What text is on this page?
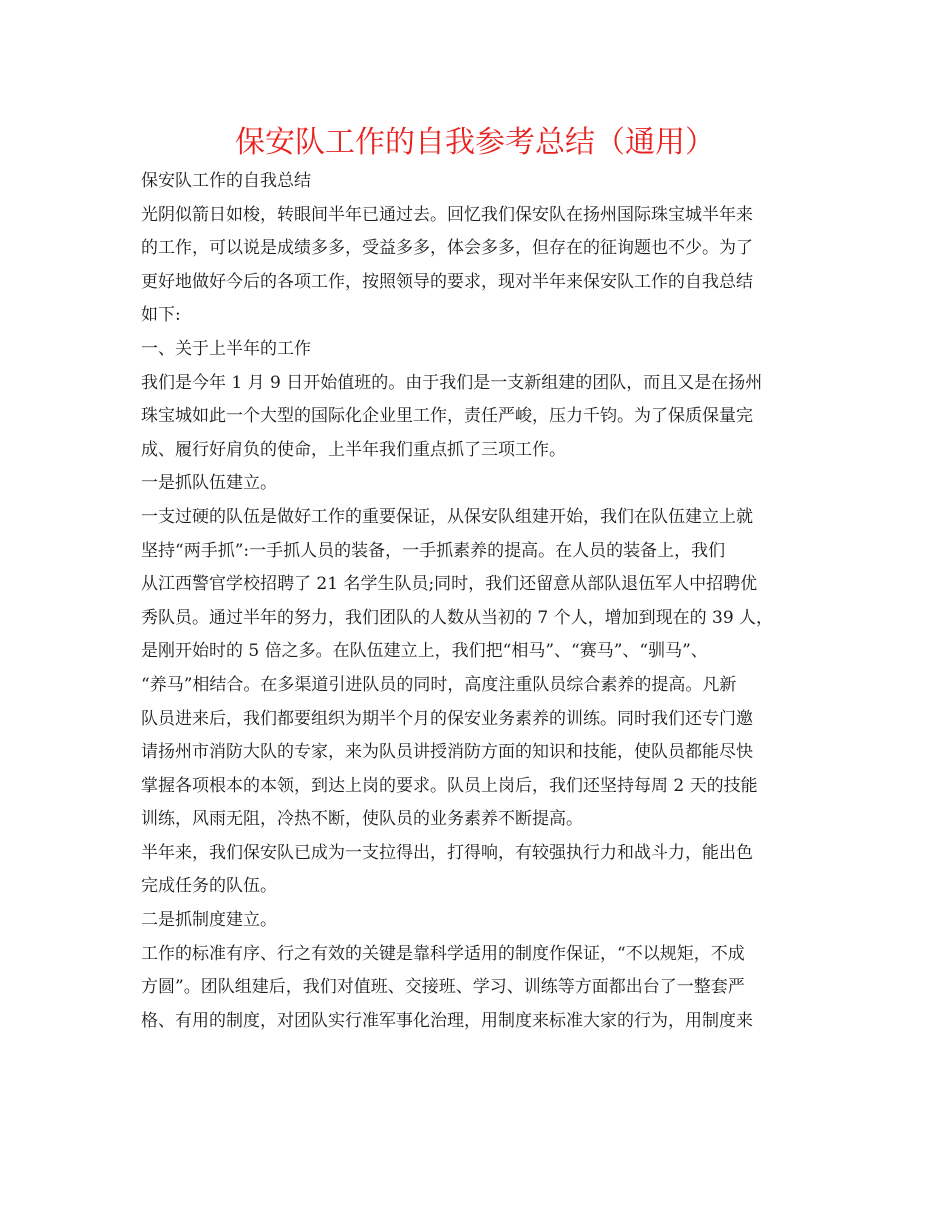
保安队工作的自我参考总结（通用）
保安队工作的自我总结
光阴似箭日如梭，转眼间半年已通过去。回忆我们保安队在扬州国际珠宝城半年来
的工作，可以说是成绩多多，受益多多，体会多多，但存在的征询题也不少。为了
更好地做好今后的各项工作，按照领导的要求，现对半年来保安队工作的自我总结
如下:
一、关于上半年的工作
我们是今年 1 月 9 日开始值班的。由于我们是一支新组建的团队，而且又是在扬州
珠宝城如此一个大型的国际化企业里工作，责任严峻，压力千钧。为了保质保量完
成、履行好肩负的使命，上半年我们重点抓了三项工作。
一是抓队伍建立。
一支过硬的队伍是做好工作的重要保证，从保安队组建开始，我们在队伍建立上就
坚持“两手抓”:一手抓人员的装备，一手抓素养的提高。在人员的装备上，我们
从江西警官学校招聘了 21 名学生队员;同时，我们还留意从部队退伍军人中招聘优
秀队员。通过半年的努力，我们团队的人数从当初的 7 个人，增加到现在的 39 人，
是刚开始时的 5 倍之多。在队伍建立上，我们把“相马”、“赛马”、“驯马”、
“养马”相结合。在多渠道引进队员的同时，高度注重队员综合素养的提高。凡新
队员进来后，我们都要组织为期半个月的保安业务素养的训练。同时我们还专门邀
请扬州市消防大队的专家，来为队员讲授消防方面的知识和技能，使队员都能尽快
掌握各项根本的本领，到达上岗的要求。队员上岗后，我们还坚持每周 2 天的技能
训练，风雨无阻，冷热不断，使队员的业务素养不断提高。
半年来，我们保安队已成为一支拉得出，打得响，有较强执行力和战斗力，能出色
完成任务的队伍。
二是抓制度建立。
工作的标准有序、行之有效的关键是靠科学适用的制度作保证，“不以规矩，不成
方圆”。团队组建后，我们对值班、交接班、学习、训练等方面都出台了一整套严
格、有用的制度，对团队实行准军事化治理，用制度来标准大家的行为，用制度来
